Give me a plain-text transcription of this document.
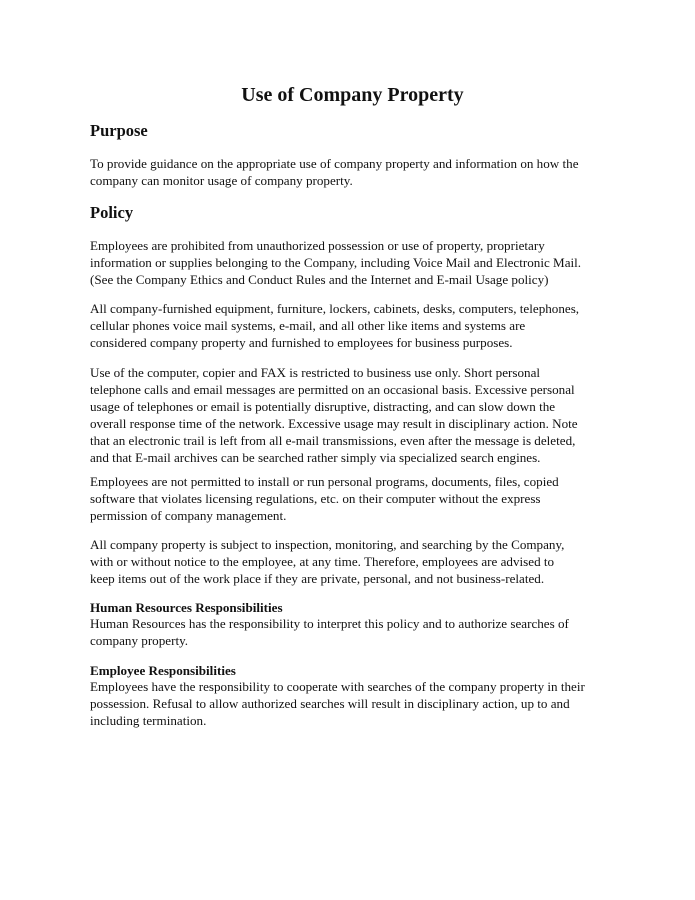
Use of Company Property
Purpose
To provide guidance on the appropriate use of company property and information on how the
company can monitor usage of company property.
Policy
Employees are prohibited from unauthorized possession or use of property, proprietary
information or supplies belonging to the Company, including Voice Mail and Electronic Mail.
(See the Company Ethics and Conduct Rules and the Internet and E-mail Usage policy)
All company-furnished equipment, furniture, lockers, cabinets, desks, computers, telephones,
cellular phones voice mail systems, e-mail, and all other like items and systems are
considered company property and furnished to employees for business purposes.
Use of the computer, copier and FAX is restricted to business use only. Short personal
telephone calls and email messages are permitted on an occasional basis. Excessive personal
usage of telephones or email is potentially disruptive, distracting, and can slow down the
overall response time of the network. Excessive usage may result in disciplinary action. Note
that an electronic trail is left from all e-mail transmissions, even after the message is deleted,
and that E-mail archives can be searched rather simply via specialized search engines.
Employees are not permitted to install or run personal programs, documents, files, copied
software that violates licensing regulations, etc. on their computer without the express
permission of company management.
All company property is subject to inspection, monitoring, and searching by the Company,
with or without notice to the employee, at any time. Therefore, employees are advised to
keep items out of the work place if they are private, personal, and not business-related.
Human Resources Responsibilities
Human Resources has the responsibility to interpret this policy and to authorize searches of
company property.
Employee Responsibilities
Employees have the responsibility to cooperate with searches of the company property in their
possession. Refusal to allow authorized searches will result in disciplinary action, up to and
including termination.
